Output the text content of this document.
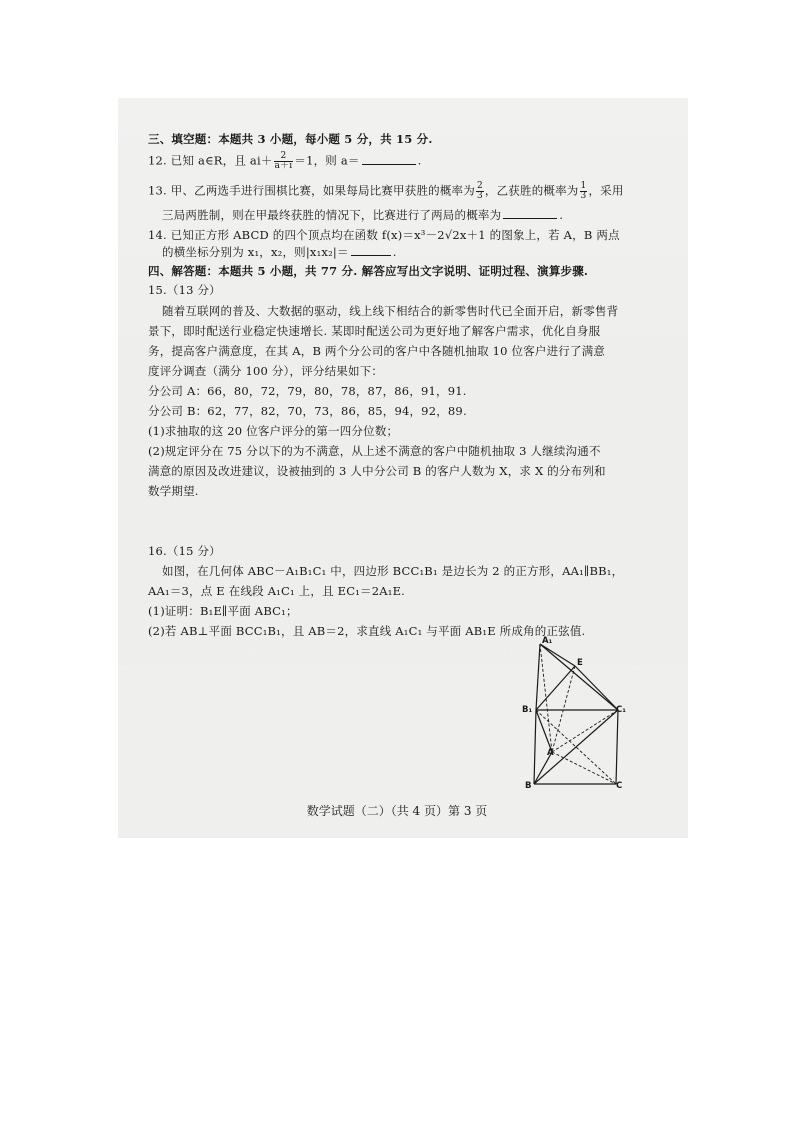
三、填空题：本题共 3 小题，每小题 5 分，共 15 分.
12. 已知 a∈R，且 $ai+ \frac{2}{a+i} =1$，则 a＝	.
13. 甲、乙两选手进行围棋比赛，如果每局比赛甲获胜的概率为 $\frac{2}{3}$ ，乙获胜的概率为 $\frac{1}{3}$ ，采用
三局两胜制，则在甲最终获胜的情况下，比赛进行了两局的概率为	.
14. 已知正方形 ABCD 的四个顶点均在函数 f(x)＝x³－2√2x＋1 的图象上，若 A，B 两点
的横坐标分别为 x₁，x₂，则|x₁x₂|＝	.
四、解答题：本题共 5 小题，共 77 分. 解答应写出文字说明、证明过程、演算步骤.
15.（13 分）
随着互联网的普及、大数据的驱动，线上线下相结合的新零售时代已全面开启，新零售背
景下，即时配送行业稳定快速增长. 某即时配送公司为更好地了解客户需求，优化自身服
务，提高客户满意度，在其 A，B 两个分公司的客户中各随机抽取 10 位客户进行了满意
度评分调查（满分 100 分），评分结果如下：
分公司 A：66，80，72，79，80，78，87，86，91，91.
分公司 B：62，77，82，70，73，86，85，94，92，89.
(1)求抽取的这 20 位客户评分的第一四分位数；
(2)规定评分在 75 分以下的为不满意，从上述不满意的客户中随机抽取 3 人继续沟通不
满意的原因及改进建议，设被抽到的 3 人中分公司 B 的客户人数为 X，求 X 的分布列和
数学期望.
16.（15 分）
如图，在几何体 ABC－A₁B₁C₁ 中，四边形 BCC₁B₁ 是边长为 2 的正方形，AA₁∥BB₁，
AA₁＝3，点 E 在线段 A₁C₁ 上，且 EC₁＝2A₁E.
(1)证明：B₁E∥平面 ABC₁；
(2)若 AB⊥平面 BCC₁B₁，且 AB＝2，求直线 A₁C₁ 与平面 AB₁E 所成角的正弦值.
A₁
E
B₁	C₁
A
B	C
数学试题（二）（共 4 页）第 3 页
